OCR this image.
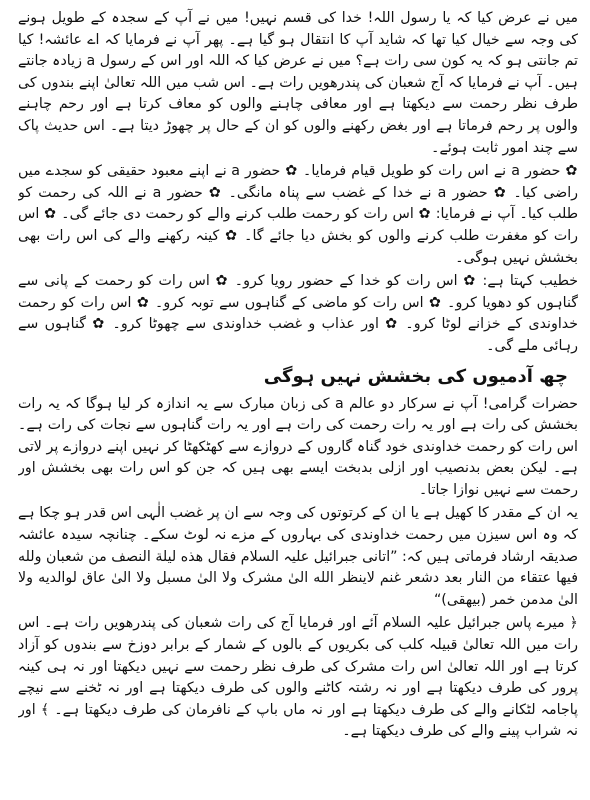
میں نے عرض کیا کہ یا رسول اللہ! خدا کی قسم نہیں! میں نے آپ کے سجدہ کے طویل ہونے کی وجہ سے خیال کیا تھا کہ شاید آپ کا انتقال ہو گیا ہے۔ پھر آپ نے فرمایا کہ اے عائشہ! کیا تم جانتی ہو کہ یہ کون سی رات ہے؟ میں نے عرض کیا کہ اللہ اور اس کے رسول a زیادہ جانتے ہیں۔ آپ نے فرمایا کہ آج شعبان کی پندرھویں رات ہے۔ اس شب میں اللہ تعالیٰ اپنے بندوں کی طرف نظر رحمت سے دیکھتا ہے اور معافی چاہنے والوں کو معاف کرتا ہے اور رحم چاہنے والوں پر رحم فرماتا ہے اور بغض رکھنے والوں کو ان کے حال پر چھوڑ دیتا ہے۔ اس حدیث پاک سے چند امور ثابت ہوئے۔

✿ حضور a نے اس رات کو طویل قیام فرمایا۔ ✿ حضور a نے اپنے معبود حقیقی کو سجدے میں راضی کیا۔ ✿ حضور a نے خدا کے غضب سے پناہ مانگی۔ ✿ حضور a نے اللہ کی رحمت کو طلب کیا۔ آپ نے فرمایا: ✿ اس رات کو رحمت طلب کرنے والے کو رحمت دی جائے گی۔ ✿ اس رات کو مغفرت طلب کرنے والوں کو بخش دیا جائے گا۔ ✿ کینہ رکھنے والے کی اس رات بھی بخشش نہیں ہوگی۔

خطیب کہتا ہے: ✿ اس رات کو خدا کے حضور رویا کرو۔ ✿ اس رات کو رحمت کے پانی سے گناہوں کو دھویا کرو۔ ✿ اس رات کو ماضی کے گناہوں سے توبہ کرو۔ ✿ اس رات کو رحمت خداوندی کے خزانے لوٹا کرو۔ ✿ اور عذاب و غضب خداوندی سے چھوٹا کرو۔ ✿ گناہوں سے رہائی ملے گی۔

چھ آدمیوں کی بخشش نہیں ہوگی

حضرات گرامی! آپ نے سرکار دو عالم a کی زبان مبارک سے یہ اندازہ کر لیا ہوگا کہ یہ رات بخشش کی رات ہے اور یہ رات رحمت کی رات ہے اور یہ رات گناہوں سے نجات کی رات ہے۔ اس رات کو رحمت خداوندی خود گناہ گاروں کے دروازے سے کھٹکھٹا کر نہیں اپنے دروازے پر لاتی ہے۔ لیکن بعض بدنصیب اور ازلی بدبخت ایسے بھی ہیں کہ جن کو اس رات بھی بخشش اور رحمت سے نہیں نوازا جاتا۔

یہ ان کے مقدر کا کھیل ہے یا ان کے کرتوتوں کی وجہ سے ان پر غضب الٰہی اس قدر ہو چکا ہے کہ وہ اس سیزن میں رحمت خداوندی کی بہاروں کے مزے نہ لوٹ سکے۔ چنانچہ سیدہ عائشہ صدیقہ ارشاد فرماتی ہیں کہ: ”اتانی جبرائیل علیہ السلام فقال هذه لیلة النصف من شعبان ولله فیها عتقاء من النار بعد دشعر غنم لاینظر الله الیٰ مشرک ولا الیٰ مسبل ولا الیٰ عاق لوالدیه ولا الیٰ مدمن خمر (بیهقی)“

﴿ میرے پاس جبرائیل علیہ السلام آئے اور فرمایا آج کی رات شعبان کی پندرھویں رات ہے۔ اس رات میں اللہ تعالیٰ قبیلہ کلب کی بکریوں کے بالوں کے شمار کے برابر دوزخ سے بندوں کو آزاد کرتا ہے اور اللہ تعالیٰ اس رات مشرک کی طرف نظر رحمت سے نہیں دیکھتا اور نہ ہی کینہ پرور کی طرف دیکھتا ہے اور نہ رشتہ کاٹنے والوں کی طرف دیکھتا ہے اور نہ ٹخنے سے نیچے پاجامہ لٹکانے والے کی طرف دیکھتا ہے اور نہ ماں باپ کے نافرمان کی طرف دیکھتا ہے۔ ﴾ اور نہ شراب پینے والے کی طرف دیکھتا ہے۔
